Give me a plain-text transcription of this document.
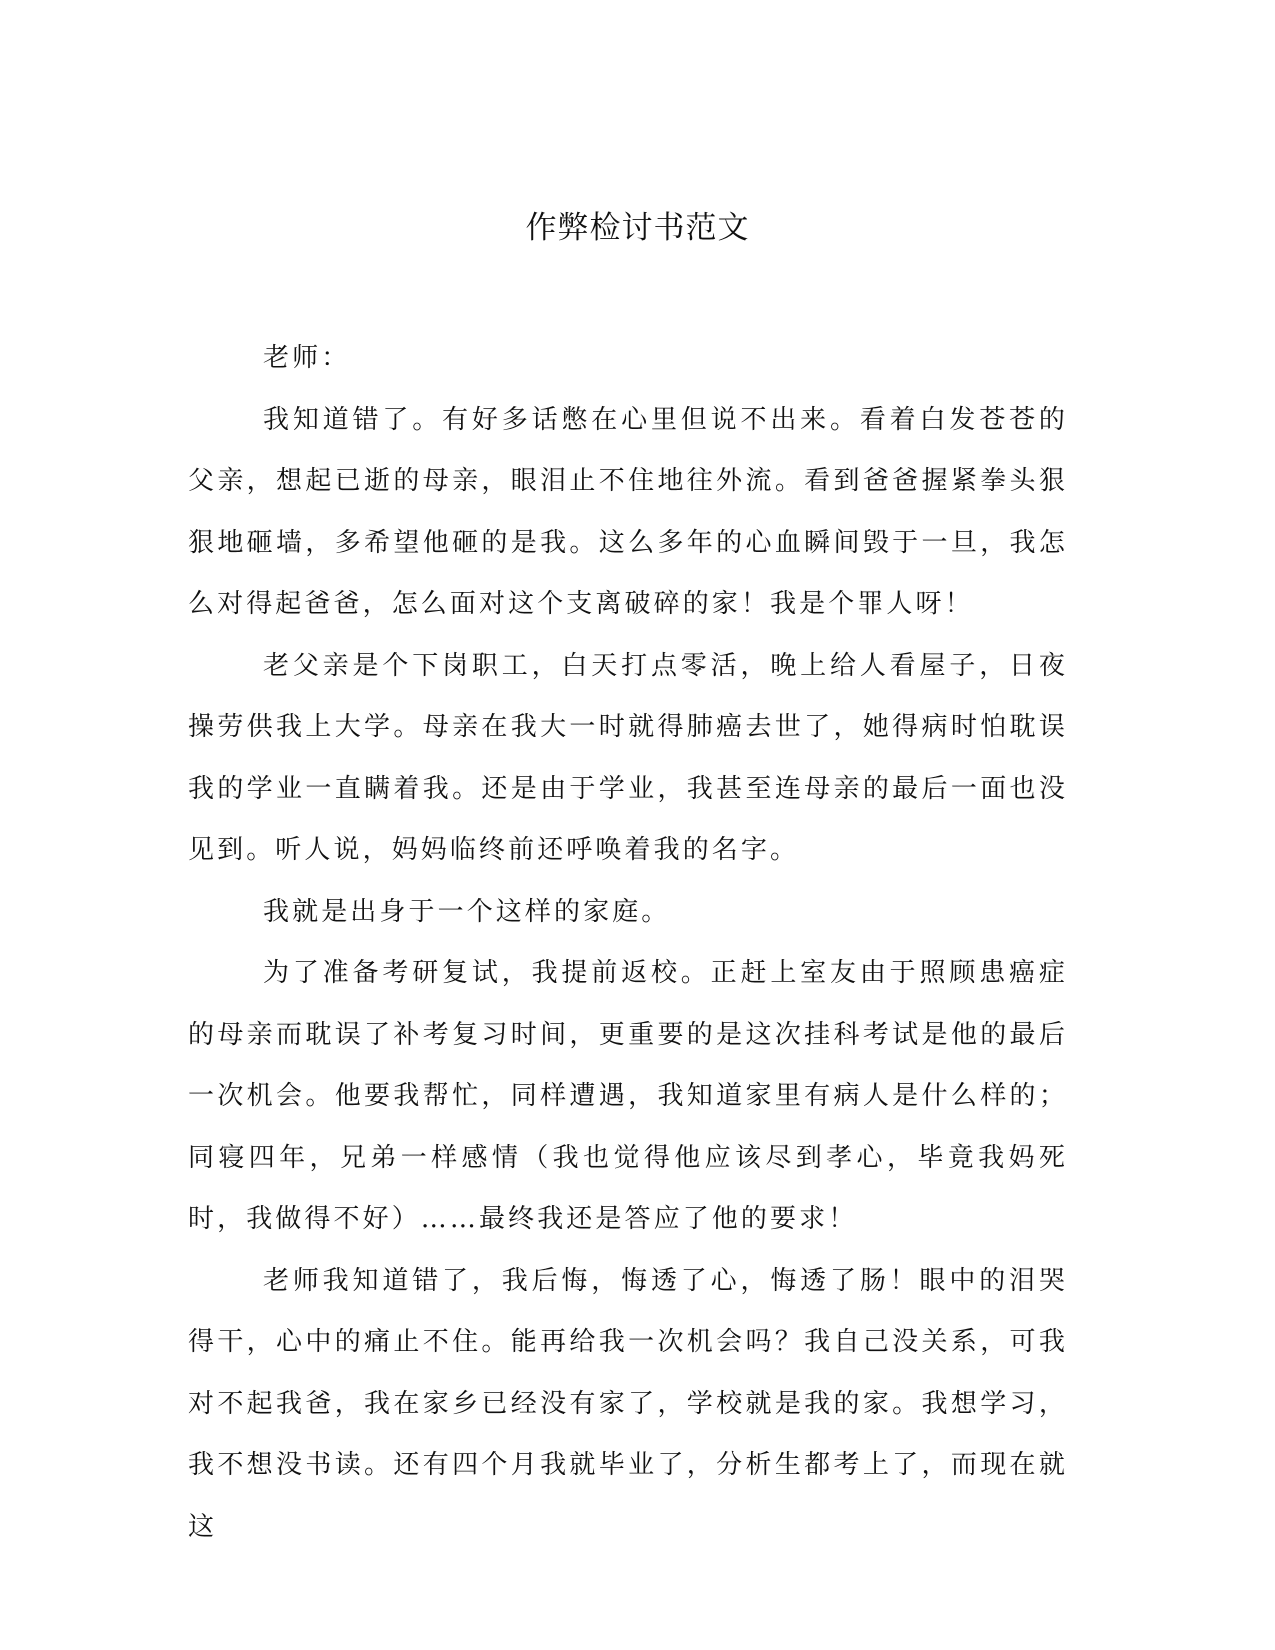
作弊检讨书范文

老师：

我知道错了。有好多话憋在心里但说不出来。看着白发苍苍的父亲，想起已逝的母亲，眼泪止不住地往外流。看到爸爸握紧拳头狠狠地砸墙，多希望他砸的是我。这么多年的心血瞬间毁于一旦，我怎么对得起爸爸，怎么面对这个支离破碎的家！我是个罪人呀！

老父亲是个下岗职工，白天打点零活，晚上给人看屋子，日夜操劳供我上大学。母亲在我大一时就得肺癌去世了，她得病时怕耽误我的学业一直瞒着我。还是由于学业，我甚至连母亲的最后一面也没见到。听人说，妈妈临终前还呼唤着我的名字。

我就是出身于一个这样的家庭。

为了准备考研复试，我提前返校。正赶上室友由于照顾患癌症的母亲而耽误了补考复习时间，更重要的是这次挂科考试是他的最后一次机会。他要我帮忙，同样遭遇，我知道家里有病人是什么样的；同寝四年，兄弟一样感情（我也觉得他应该尽到孝心，毕竟我妈死时，我做得不好）……最终我还是答应了他的要求！

老师我知道错了，我后悔，悔透了心，悔透了肠！眼中的泪哭得干，心中的痛止不住。能再给我一次机会吗？我自己没关系，可我对不起我爸，我在家乡已经没有家了，学校就是我的家。我想学习，我不想没书读。还有四个月我就毕业了，分析生都考上了，而现在就这
